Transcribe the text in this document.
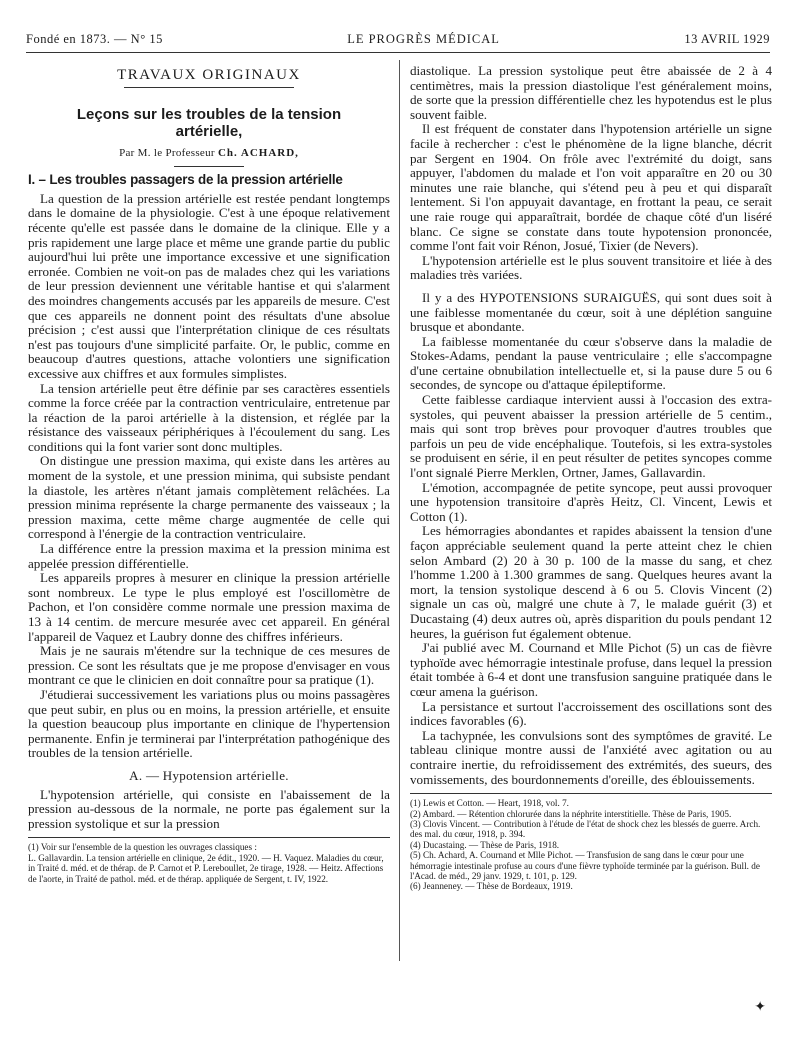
Fondé en 1873. — N° 15	LE PROGRÈS MÉDICAL	13 AVRIL 1929
TRAVAUX ORIGINAUX
Leçons sur les troubles de la tension artérielle,
Par M. le Professeur Ch. ACHARD,
I. – Les troubles passagers de la pression artérielle

La question de la pression artérielle est restée pendant longtemps dans le domaine de la physiologie. C'est à une époque relativement récente qu'elle est passée dans le domaine de la clinique. Elle y a pris rapidement une large place et même une grande partie du public aujourd'hui lui prête une importance excessive et une signification erronée. Combien ne voit-on pas de malades chez qui les variations de leur pression deviennent une véritable hantise et qui s'alarment des moindres changements accusés par les appareils de mesure. C'est que ces appareils ne donnent point des résultats d'une absolue précision ; c'est aussi que l'interprétation clinique de ces résultats n'est pas toujours d'une simplicité parfaite. Or, le public, comme en beaucoup d'autres questions, attache volontiers une signification excessive aux chiffres et aux formules simplistes.

La tension artérielle peut être définie par ses caractères essentiels comme la force créée par la contraction ventriculaire, entretenue par la réaction de la paroi artérielle à la distension, et réglée par la résistance des vaisseaux périphériques à l'écoulement du sang. Les conditions qui la font varier sont donc multiples.

On distingue une pression maxima, qui existe dans les artères au moment de la systole, et une pression minima, qui subsiste pendant la diastole, les artères n'étant jamais complètement relâchées. La pression minima représente la charge permanente des vaisseaux ; la pression maxima, cette même charge augmentée de celle qui correspond à l'énergie de la contraction ventriculaire.

La différence entre la pression maxima et la pression minima est appelée pression différentielle.

Les appareils propres à mesurer en clinique la pression artérielle sont nombreux. Le type le plus employé est l'oscillomètre de Pachon, et l'on considère comme normale une pression maxima de 13 à 14 centim. de mercure mesurée avec cet appareil. En général l'appareil de Vaquez et Laubry donne des chiffres inférieurs.

Mais je ne saurais m'étendre sur la technique de ces mesures de pression. Ce sont les résultats que je me propose d'envisager en vous montrant ce que le clinicien en doit connaître pour sa pratique (1).

J'étudierai successivement les variations plus ou moins passagères que peut subir, en plus ou en moins, la pression artérielle, et ensuite la question beaucoup plus importante en clinique de l'hypertension permanente. Enfin je terminerai par l'interprétation pathogénique des troubles de la tension artérielle.

A. — Hypotension artérielle.

L'hypotension artérielle, qui consiste en l'abaissement de la pression au-dessous de la normale, ne porte pas également sur la pression systolique et sur la pression

(1) Voir sur l'ensemble de la question les ouvrages classiques :
L. Gallavardin. La tension artérielle en clinique, 2e édit., 1920. — H. Vaquez. Maladies du cœur, in Traité d. méd. et de thérap. de P. Carnot et P. Lereboullet, 2e tirage, 1928. — Heitz. Affections de l'aorte, in Traité de pathol. méd. et de thérap. appliquée de Sergent, t. IV, 1922.

diastolique. La pression systolique peut être abaissée de 2 à 4 centimètres, mais la pression diastolique l'est généralement moins, de sorte que la pression différentielle chez les hypotendus est le plus souvent faible.

Il est fréquent de constater dans l'hypotension artérielle un signe facile à rechercher : c'est le phénomène de la ligne blanche, décrit par Sergent en 1904. On frôle avec l'extrémité du doigt, sans appuyer, l'abdomen du malade et l'on voit apparaître en 20 ou 30 minutes une raie blanche, qui s'étend peu à peu et qui disparaît lentement. Si l'on appuyait davantage, en frottant la peau, ce serait une raie rouge qui apparaîtrait, bordée de chaque côté d'un liséré blanc. Ce signe se constate dans toute hypotension prononcée, comme l'ont fait voir Rénon, Josué, Tixier (de Nevers).

L'hypotension artérielle est le plus souvent transitoire et liée à des maladies très variées.

Il y a des HYPOTENSIONS SURAIGUËS, qui sont dues soit à une faiblesse momentanée du cœur, soit à une déplétion sanguine brusque et abondante.

La faiblesse momentanée du cœur s'observe dans la maladie de Stokes-Adams, pendant la pause ventriculaire ; elle s'accompagne d'une certaine obnubilation intellectuelle et, si la pause dure 5 ou 6 secondes, de syncope ou d'attaque épileptiforme.

Cette faiblesse cardiaque intervient aussi à l'occasion des extra-systoles, qui peuvent abaisser la pression artérielle de 5 centim., mais qui sont trop brèves pour provoquer d'autres troubles que parfois un peu de vide encéphalique. Toutefois, si les extra-systoles se produisent en série, il en peut résulter de petites syncopes comme l'ont signalé Pierre Merklen, Ortner, James, Gallavardin.

L'émotion, accompagnée de petite syncope, peut aussi provoquer une hypotension transitoire d'après Heitz, Cl. Vincent, Lewis et Cotton (1).

Les hémorragies abondantes et rapides abaissent la tension d'une façon appréciable seulement quand la perte atteint chez le chien selon Ambard (2) 20 à 30 p. 100 de la masse du sang, et chez l'homme 1.200 à 1.300 grammes de sang. Quelques heures avant la mort, la tension systolique descend à 6 ou 5. Clovis Vincent (2) signale un cas où, malgré une chute à 7, le malade guérit (3) et Ducastaing (4) deux autres où, après disparition du pouls pendant 12 heures, la guérison fut également obtenue.

J'ai publié avec M. Cournand et Mlle Pichot (5) un cas de fièvre typhoïde avec hémorragie intestinale profuse, dans lequel la pression était tombée à 6-4 et dont une transfusion sanguine pratiquée dans le cœur amena la guérison.

La persistance et surtout l'accroissement des oscillations sont des indices favorables (6).

La tachypnée, les convulsions sont des symptômes de gravité. Le tableau clinique montre aussi de l'anxiété avec agitation ou au contraire inertie, du refroidissement des extrémités, des sueurs, des vomissements, des bourdonnements d'oreille, des éblouissements.

(1) Lewis et Cotton. — Heart, 1918, vol. 7.
(2) Ambard. — Rétention chlorurée dans la néphrite interstitielle. Thèse de Paris, 1905.
(3) Clovis Vincent. — Contribution à l'étude de l'état de shock chez les blessés de guerre. Arch. des mal. du cœur, 1918, p. 394.
(4) Ducastaing. — Thèse de Paris, 1918.
(5) Ch. Achard, A. Cournand et Mlle Pichot. — Transfusion de sang dans le cœur pour une hémorragie intestinale profuse au cours d'une fièvre typhoïde terminée par la guérison. Bull. de l'Acad. de méd., 29 janv. 1929, t. 101, p. 129.
(6) Jeanneney. — Thèse de Bordeaux, 1919.
✦
